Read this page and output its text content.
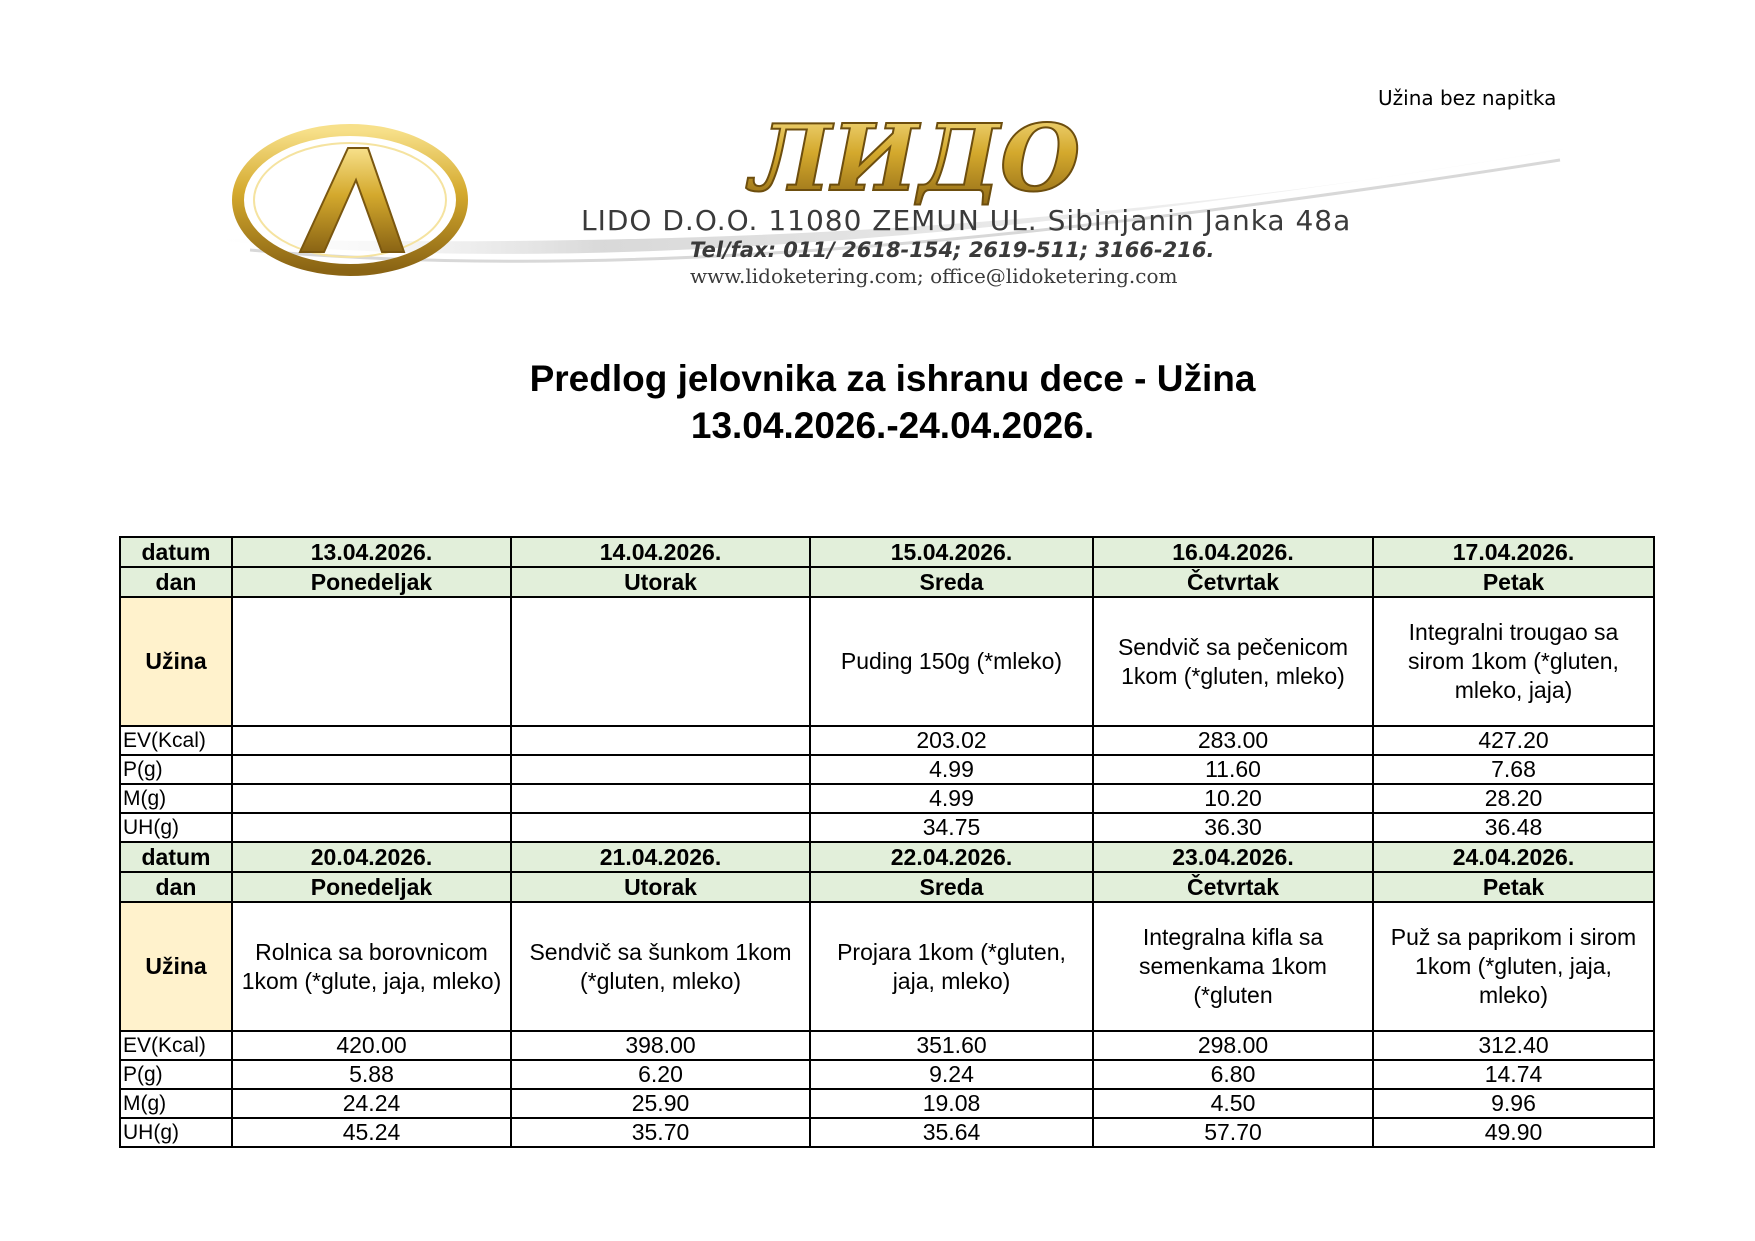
Užina bez napitka
ЛИДО
LIDO D.O.O. 11080 ZEMUN UL. Sibinjanin Janka 48a
Tel/fax: 011/ 2618-154; 2619-511; 3166-216.
www.lidoketering.com; office@lidoketering.com
Predlog jelovnika za ishranu dece - Užina
13.04.2026.-24.04.2026.
datum	13.04.2026.	14.04.2026.	15.04.2026.	16.04.2026.	17.04.2026.
dan	Ponedeljak	Utorak	Sreda	Četvrtak	Petak
Užina			Puding 150g (*mleko)	Sendvič sa pečenicom 1kom (*gluten, mleko)	Integralni trougao sa sirom 1kom (*gluten, mleko, jaja)
EV(Kcal)			203.02	283.00	427.20
P(g)			4.99	11.60	7.68
M(g)			4.99	10.20	28.20
UH(g)			34.75	36.30	36.48
datum	20.04.2026.	21.04.2026.	22.04.2026.	23.04.2026.	24.04.2026.
dan	Ponedeljak	Utorak	Sreda	Četvrtak	Petak
Užina	Rolnica sa borovnicom 1kom (*glute, jaja, mleko)	Sendvič sa šunkom 1kom (*gluten, mleko)	Projara 1kom (*gluten, jaja, mleko)	Integralna kifla sa semenkama 1kom (*gluten	Puž sa paprikom i sirom 1kom (*gluten, jaja, mleko)
EV(Kcal)	420.00	398.00	351.60	298.00	312.40
P(g)	5.88	6.20	9.24	6.80	14.74
M(g)	24.24	25.90	19.08	4.50	9.96
UH(g)	45.24	35.70	35.64	57.70	49.90
